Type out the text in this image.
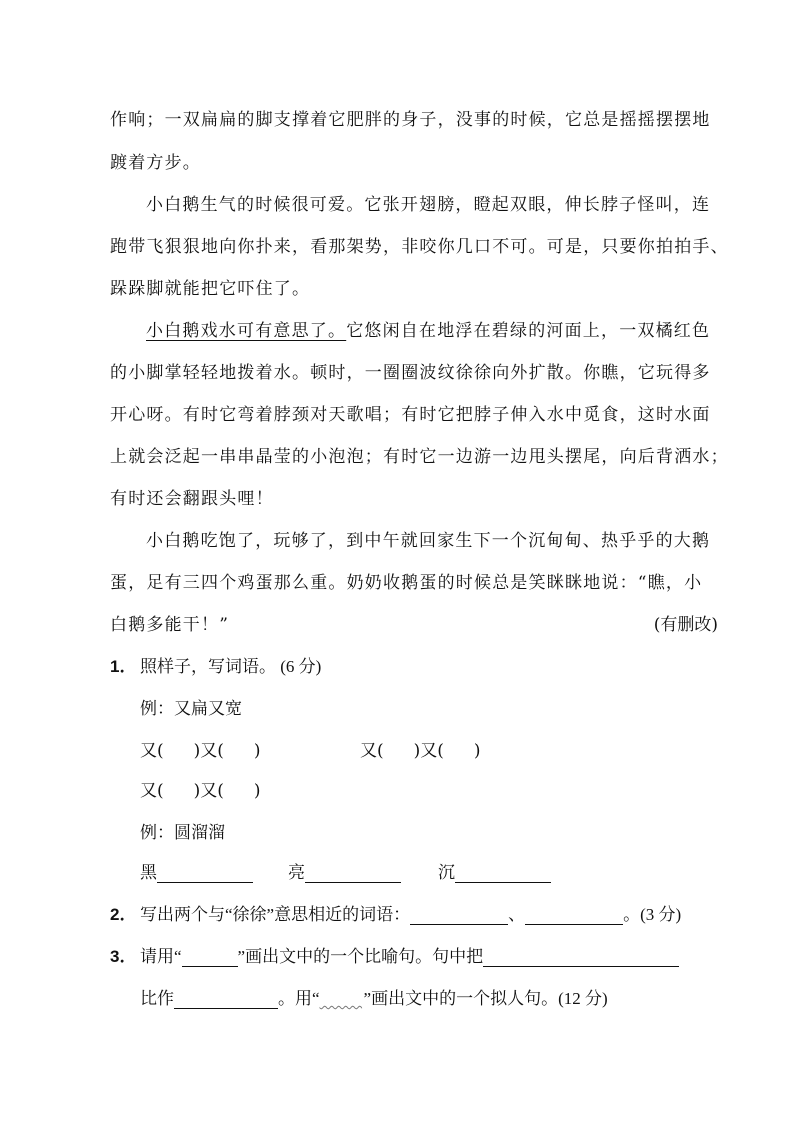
作响；一双扁扁的脚支撑着它肥胖的身子，没事的时候，它总是摇摇摆摆地
踱着方步。
小白鹅生气的时候很可爱。它张开翅膀，瞪起双眼，伸长脖子怪叫，连
跑带飞狠狠地向你扑来，看那架势，非咬你几口不可。可是，只要你拍拍手、
跺跺脚就能把它吓住了。
小白鹅戏水可有意思了。它悠闲自在地浮在碧绿的河面上，一双橘红色
的小脚掌轻轻地拨着水。顿时，一圈圈波纹徐徐向外扩散。你瞧，它玩得多
开心呀。有时它弯着脖颈对天歌唱；有时它把脖子伸入水中觅食，这时水面
上就会泛起一串串晶莹的小泡泡；有时它一边游一边甩头摆尾，向后背洒水；
有时还会翻跟头哩！
小白鹅吃饱了，玩够了，到中午就回家生下一个沉甸甸、热乎乎的大鹅
蛋，足有三四个鸡蛋那么重。奶奶收鹅蛋的时候总是笑眯眯地说：“瞧，小
白鹅多能干！”	(有删改)
1． 照样子，写词语。 (6 分)
例：又扁又宽
又( )又( )	又( )又( )
又( )又( )
例：圆溜溜
黑	亮	沉
2． 写出两个与“徐徐”意思相近的词语：	、	。(3 分)
3． 请用“	”画出文中的一个比喻句。句中把
比作	。用“​          ”画出文中的一个拟人句。(12 分)
